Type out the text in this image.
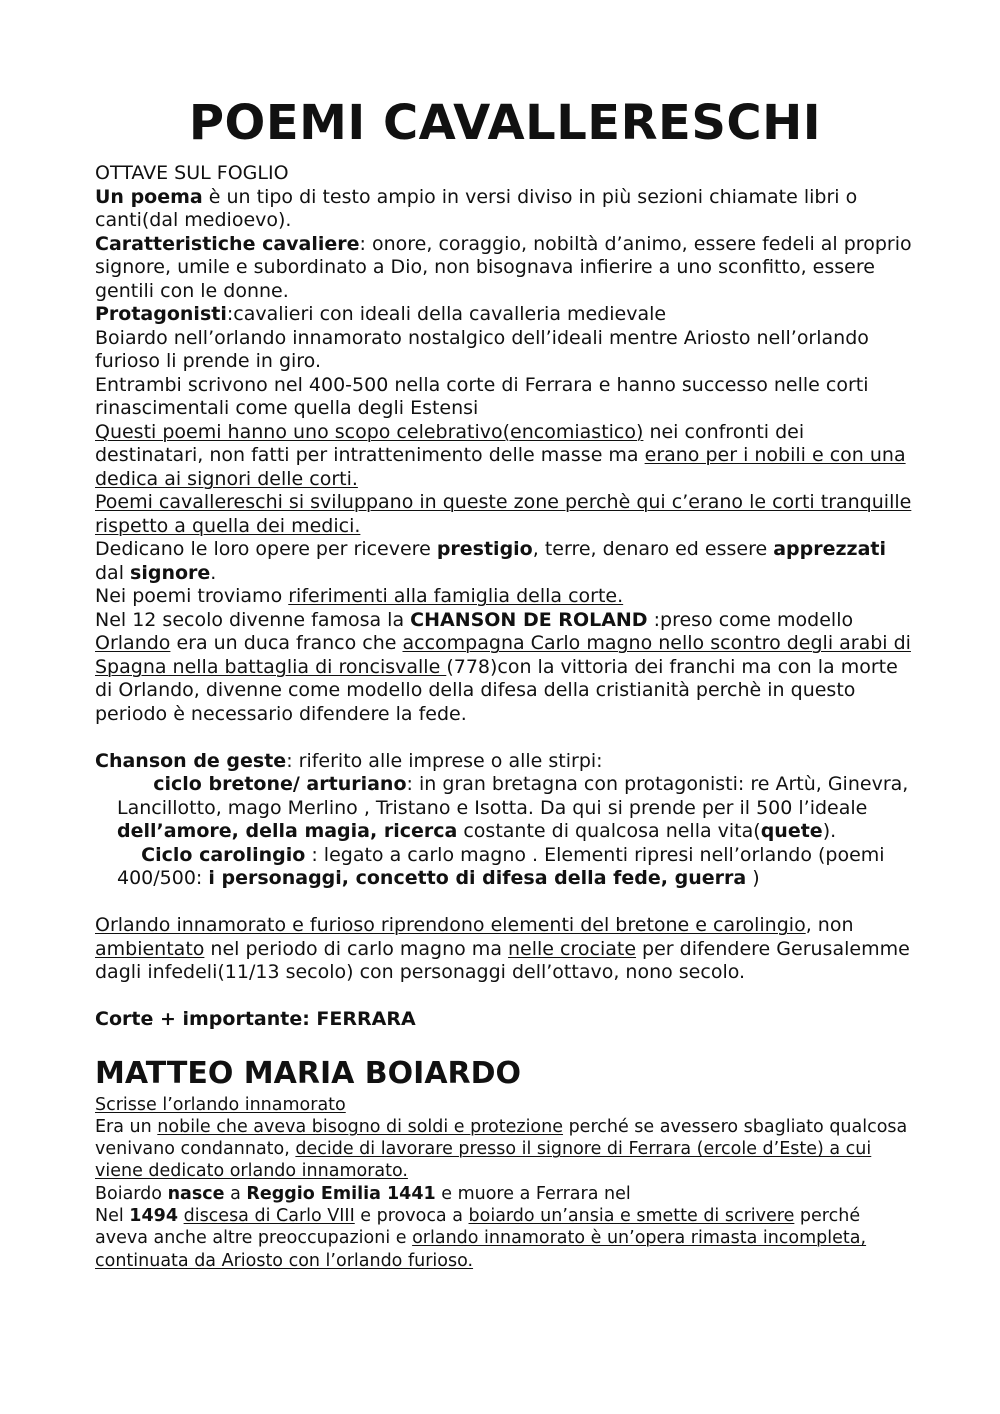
POEMI CAVALLERESCHI

OTTAVE SUL FOGLIO

Un poema è un tipo di testo ampio in versi diviso in più sezioni chiamate libri o canti(dal medioevo).

Caratteristiche cavaliere: onore, coraggio, nobiltà d’animo, essere fedeli al proprio signore, umile e subordinato a Dio, non bisognava infierire a uno sconfitto, essere gentili con le donne.

Protagonisti:cavalieri con ideali della cavalleria medievale

Boiardo nell’orlando innamorato nostalgico dell’ideali mentre Ariosto nell’orlando furioso li prende in giro.

Entrambi scrivono nel 400-500 nella corte di Ferrara e hanno successo nelle corti rinascimentali come quella degli Estensi

Questi poemi hanno uno scopo celebrativo(encomiastico) nei confronti dei destinatari, non fatti per intrattenimento delle masse ma erano per i nobili e con una dedica ai signori delle corti.

Poemi cavallereschi si sviluppano in queste zone perchè qui c’erano le corti tranquille rispetto a quella dei medici.

Dedicano le loro opere per ricevere prestigio, terre, denaro ed essere apprezzati dal signore.

Nei poemi troviamo riferimenti alla famiglia della corte.

Nel 12 secolo divenne famosa la CHANSON DE ROLAND :preso come modello

Orlando era un duca franco che accompagna Carlo magno nello scontro degli arabi di Spagna nella battaglia di roncisvalle (778)con la vittoria dei franchi ma con la morte di Orlando, divenne come modello della difesa della cristianità perchè in questo periodo è necessario difendere la fede.

Chanson de geste: riferito alle imprese o alle stirpi:

ciclo bretone/ arturiano: in gran bretagna con protagonisti: re Artù, Ginevra, Lancillotto, mago Merlino , Tristano e Isotta. Da qui si prende per il 500 l’ideale dell’amore, della magia, ricerca costante di qualcosa nella vita(quete).

Ciclo carolingio : legato a carlo magno . Elementi ripresi nell’orlando (poemi 400/500: i personaggi, concetto di difesa della fede, guerra )

Orlando innamorato e furioso riprendono elementi del bretone e carolingio, non ambientato nel periodo di carlo magno ma nelle crociate per difendere Gerusalemme dagli infedeli(11/13 secolo) con personaggi dell’ottavo, nono secolo.

Corte + importante: FERRARA

MATTEO MARIA BOIARDO

Scrisse l’orlando innamorato

Era un nobile che aveva bisogno di soldi e protezione perché se avessero sbagliato qualcosa venivano condannato, decide di lavorare presso il signore di Ferrara (ercole d’Este) a cui viene dedicato orlando innamorato.

Boiardo nasce a Reggio Emilia 1441 e muore a Ferrara nel

Nel 1494 discesa di Carlo VIII e provoca a boiardo un’ansia e smette di scrivere perché aveva anche altre preoccupazioni e orlando innamorato è un’opera rimasta incompleta, continuata da Ariosto con l’orlando furioso.
